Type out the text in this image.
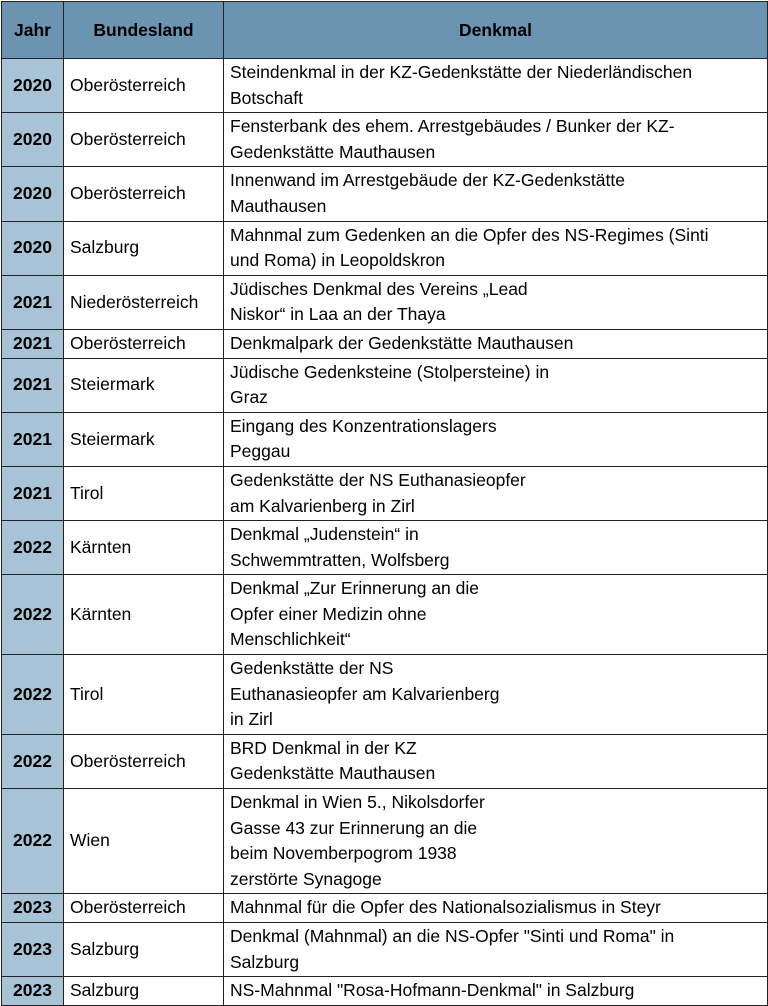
Jahr	Bundesland	Denkmal
2020	Oberösterreich	Steindenkmal in der KZ-Gedenkstätte der Niederländischen
Botschaft
2020	Oberösterreich	Fensterbank des ehem. Arrestgebäudes / Bunker der KZ-
Gedenkstätte Mauthausen
2020	Oberösterreich	Innenwand im Arrestgebäude der KZ-Gedenkstätte
Mauthausen
2020	Salzburg	Mahnmal zum Gedenken an die Opfer des NS-Regimes (Sinti
und Roma) in Leopoldskron
2021	Niederösterreich	Jüdisches Denkmal des Vereins „Lead
Niskor“ in Laa an der Thaya
2021	Oberösterreich	Denkmalpark der Gedenkstätte Mauthausen
2021	Steiermark	Jüdische Gedenksteine (Stolpersteine) in
Graz
2021	Steiermark	Eingang des Konzentrationslagers
Peggau
2021	Tirol	Gedenkstätte der NS Euthanasieopfer
am Kalvarienberg in Zirl
2022	Kärnten	Denkmal „Judenstein“ in
Schwemmtratten, Wolfsberg
2022	Kärnten	Denkmal „Zur Erinnerung an die
Opfer einer Medizin ohne
Menschlichkeit“
2022	Tirol	Gedenkstätte der NS
Euthanasieopfer am Kalvarienberg
in Zirl
2022	Oberösterreich	BRD Denkmal in der KZ
Gedenkstätte Mauthausen
2022	Wien	Denkmal in Wien 5., Nikolsdorfer
Gasse 43 zur Erinnerung an die
beim Novemberpogrom 1938
zerstörte Synagoge
2023	Oberösterreich	Mahnmal für die Opfer des Nationalsozialismus in Steyr
2023	Salzburg	Denkmal (Mahnmal) an die NS-Opfer "Sinti und Roma" in
Salzburg
2023	Salzburg	NS-Mahnmal "Rosa-Hofmann-Denkmal" in Salzburg
